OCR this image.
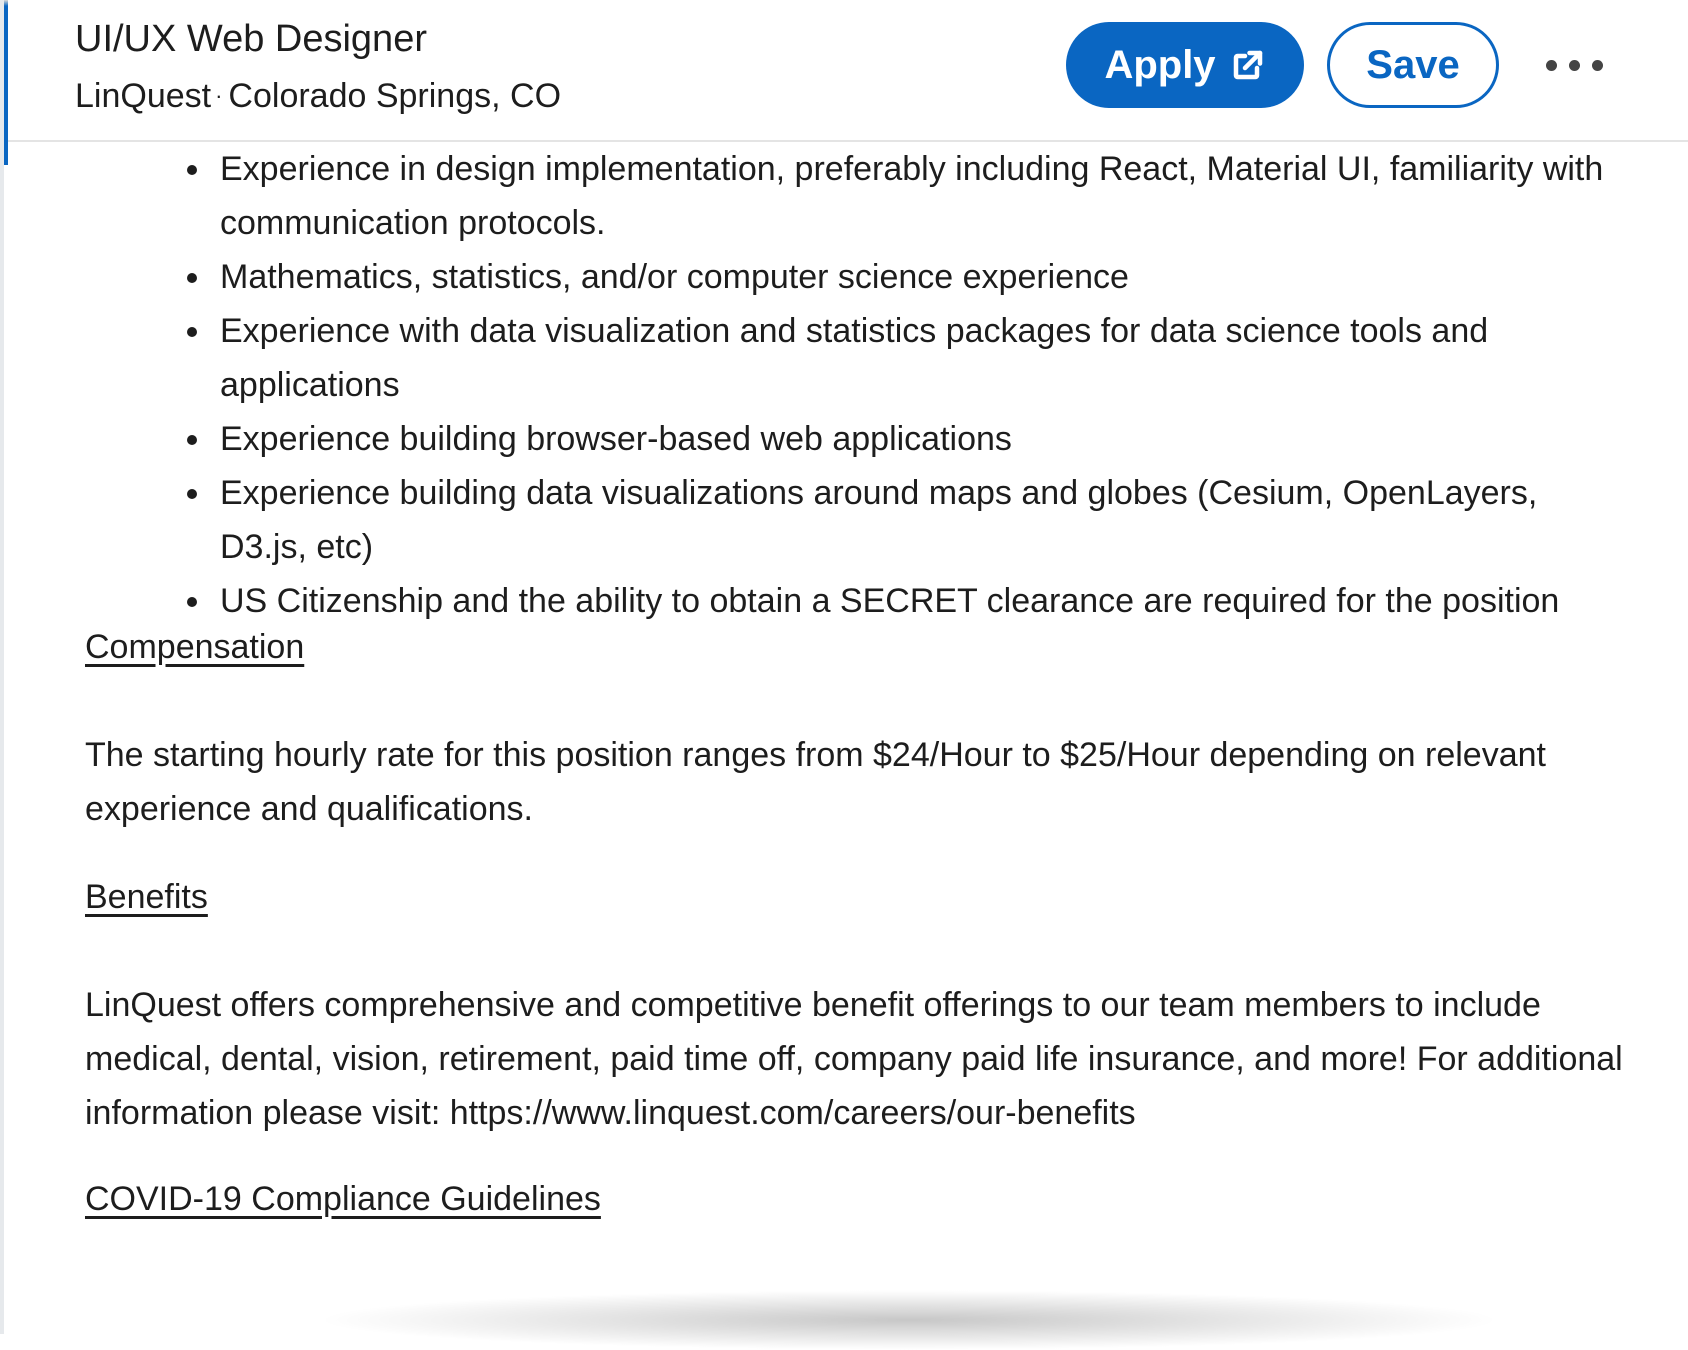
UI/UX Web Designer
LinQuest · Colorado Springs, CO
Apply	Save
Experience in design implementation, preferably including React, Material UI, familiarity with communication protocols.
Mathematics, statistics, and/or computer science experience
Experience with data visualization and statistics packages for data science tools and applications
Experience building browser-based web applications
Experience building data visualizations around maps and globes (Cesium, OpenLayers, D3.js, etc)
US Citizenship and the ability to obtain a SECRET clearance are required for the position
Compensation
The starting hourly rate for this position ranges from $24/Hour to $25/Hour depending on relevant experience and qualifications.
Benefits
LinQuest offers comprehensive and competitive benefit offerings to our team members to include medical, dental, vision, retirement, paid time off, company paid life insurance, and more! For additional information please visit: https://www.linquest.com/careers/our-benefits
COVID-19 Compliance Guidelines
